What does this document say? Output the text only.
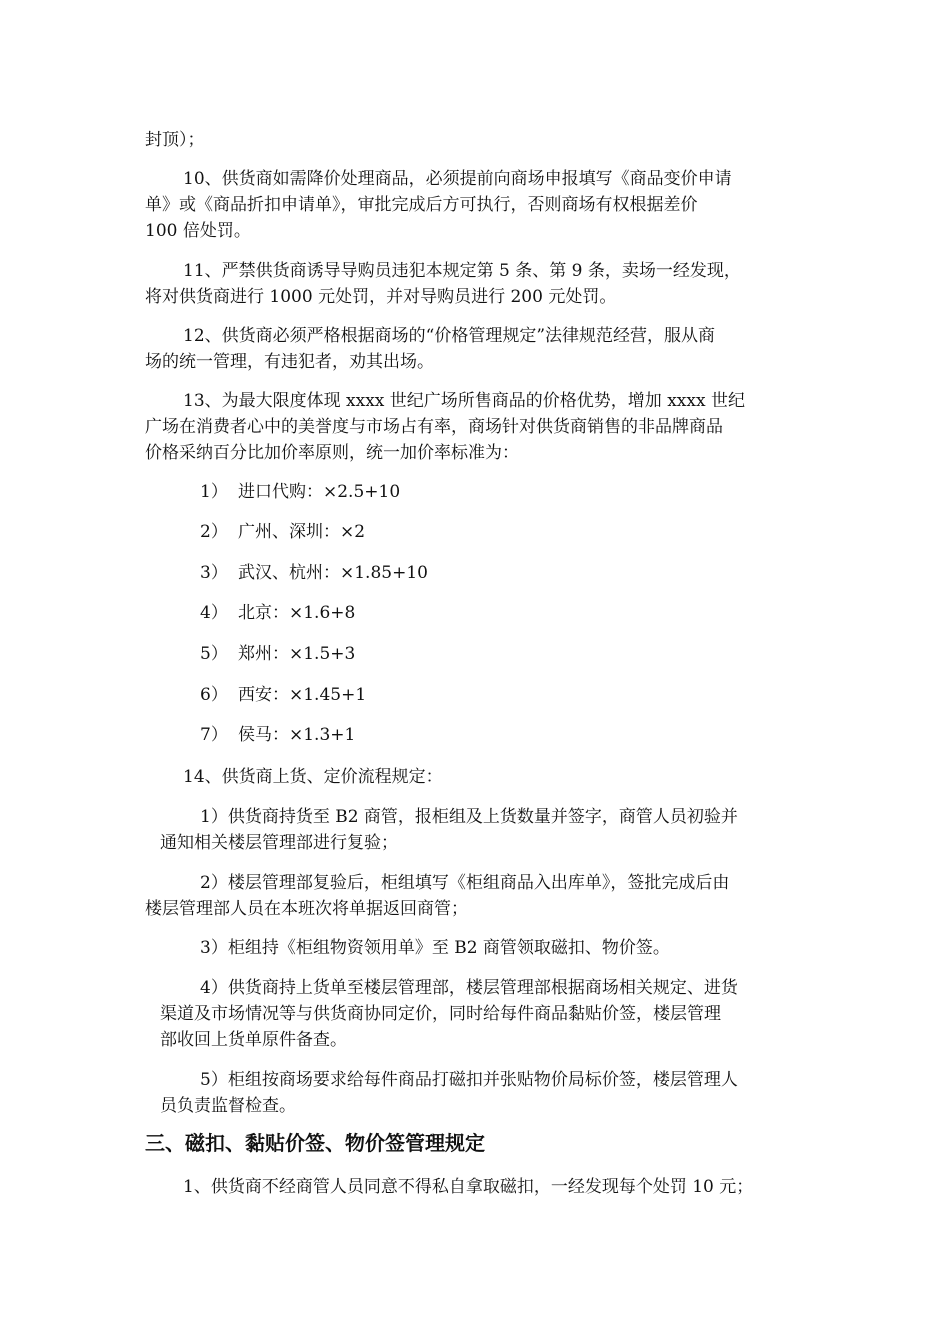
封顶）；
10、供货商如需降价处理商品，必须提前向商场申报填写《商品变价申请
单》或《商品折扣申请单》，审批完成后方可执行，否则商场有权根据差价
100 倍处罚。
11、严禁供货商诱导导购员违犯本规定第 5 条、第 9 条，卖场一经发现，
将对供货商进行 1000 元处罚，并对导购员进行 200 元处罚。
12、供货商必须严格根据商场的“价格管理规定”法律规范经营，服从商
场的统一管理，有违犯者，劝其出场。
13、为最大限度体现 xxxx 世纪广场所售商品的价格优势，增加 xxxx 世纪
广场在消费者心中的美誉度与市场占有率，商场针对供货商销售的非品牌商品
价格采纳百分比加价率原则，统一加价率标准为：
1） 进口代购：×2.5+10
2） 广州、深圳：×2
3） 武汉、杭州：×1.85+10
4） 北京：×1.6+8
5） 郑州：×1.5+3
6） 西安：×1.45+1
7） 侯马：×1.3+1
14、供货商上货、定价流程规定：
1）供货商持货至 B2 商管，报柜组及上货数量并签字，商管人员初验并
通知相关楼层管理部进行复验；
2）楼层管理部复验后，柜组填写《柜组商品入出库单》，签批完成后由
楼层管理部人员在本班次将单据返回商管；
3）柜组持《柜组物资领用单》至 B2 商管领取磁扣、物价签。
4）供货商持上货单至楼层管理部，楼层管理部根据商场相关规定、进货
渠道及市场情况等与供货商协同定价，同时给每件商品黏贴价签，楼层管理
部收回上货单原件备查。
5）柜组按商场要求给每件商品打磁扣并张贴物价局标价签，楼层管理人
员负责监督检查。
三、磁扣、黏贴价签、物价签管理规定
1、供货商不经商管人员同意不得私自拿取磁扣，一经发现每个处罚 10 元；
